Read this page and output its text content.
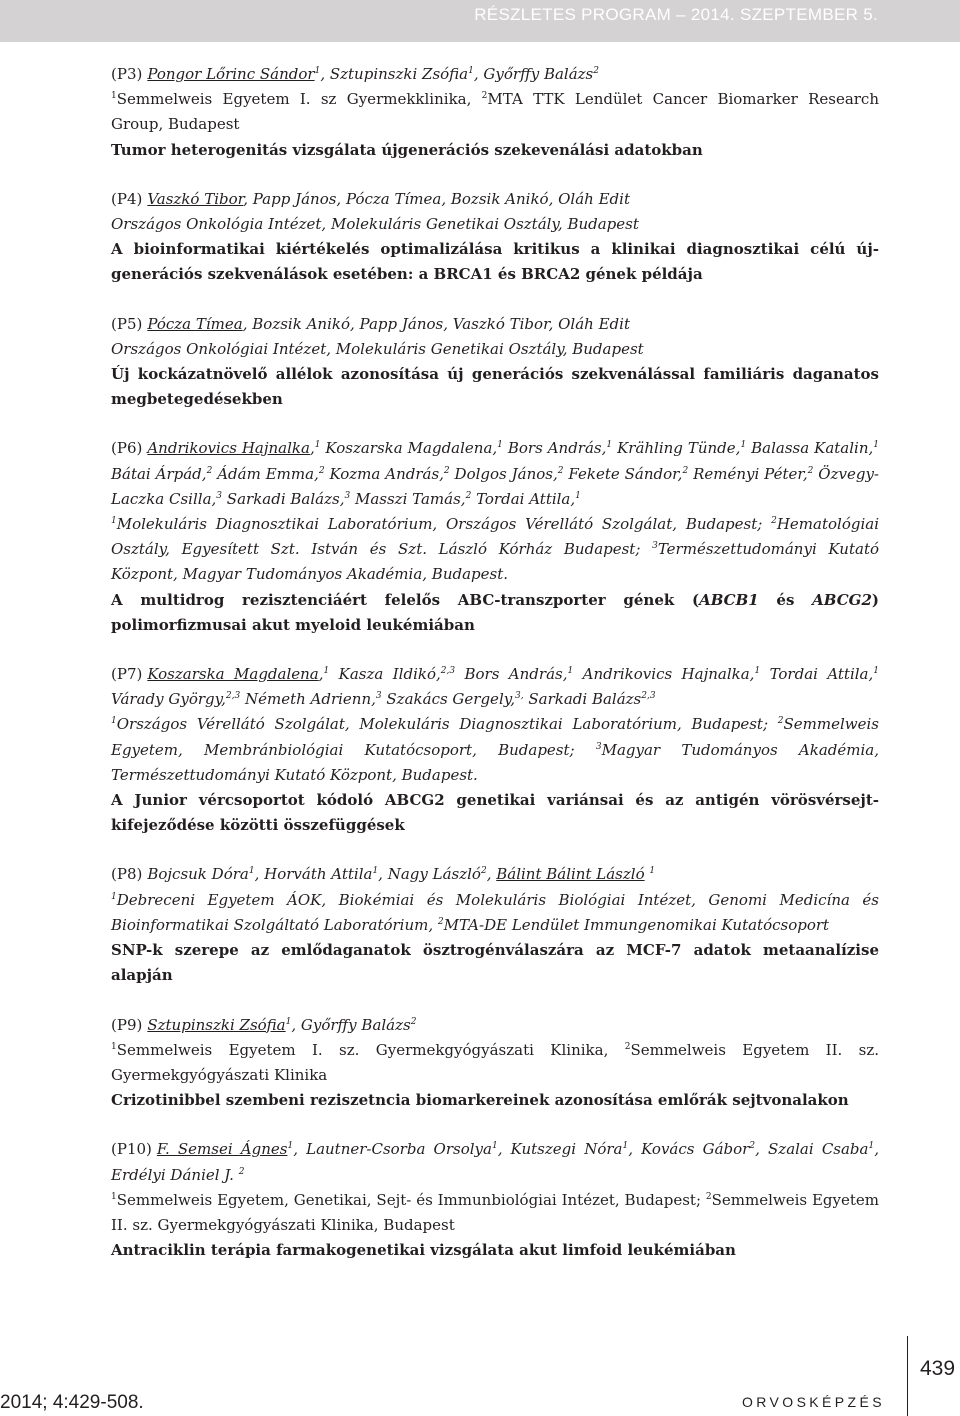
RÉSZLETES PROGRAM – 2014. SZEPTEMBER 5.

(P3) Pongor Lőrinc Sándor$^1$, Sztupinszki Zsófia$^1$, Győrffy Balázs$^2$

$^1$Semmelweis Egyetem I. sz Gyermekklinika, $^2$MTA TTK Lendület Cancer Biomarker Research Group, Budapest

Tumor heterogenitás vizsgálata újgenerációs szekevenálási adatokban

(P4) Vaszkó Tibor, Papp János, Pócza Tímea, Bozsik Anikó, Oláh Edit

Országos Onkológia Intézet, Molekuláris Genetikai Osztály, Budapest

A bioinformatikai kiértékelés optimalizálása kritikus a klinikai diagnosztikai célú új-generációs szekvenálások esetében: a BRCA1 és BRCA2 gének példája

(P5) Pócza Tímea, Bozsik Anikó, Papp János, Vaszkó Tibor, Oláh Edit

Országos Onkológiai Intézet, Molekuláris Genetikai Osztály, Budapest

Új kockázatnövelő allélok azonosítása új generációs szekvenálással familiáris daganatos megbetegedésekben

(P6) Andrikovics Hajnalka,$^1$ Koszarska Magdalena,$^1$ Bors András,$^1$ Krähling Tünde,$^1$ Balassa Katalin,$^1$ Bátai Árpád,$^2$ Ádám Emma,$^2$ Kozma András,$^2$ Dolgos János,$^2$ Fekete Sándor,$^2$ Reményi Péter,$^2$ Özvegy-Laczka Csilla,$^3$ Sarkadi Balázs,$^3$ Masszi Tamás,$^2$ Tordai Attila,$^1$

$^1$Molekuláris Diagnosztikai Laboratórium, Országos Vérellátó Szolgálat, Budapest; $^2$Hematológiai Osztály, Egyesített Szt. István és Szt. László Kórház Budapest; $^3$Természettudományi Kutató Központ, Magyar Tudományos Akadémia, Budapest.

A multidrog rezisztenciáért felelős ABC-transzporter gének (ABCB1 és ABCG2) polimorfizmusai akut myeloid leukémiában

(P7) Koszarska Magdalena,$^1$ Kasza Ildikó,$^{2,3}$ Bors András,$^1$ Andrikovics Hajnalka,$^1$ Tordai Attila,$^1$ Várady György,$^{2,3}$ Németh Adrienn,$^3$ Szakács Gergely,$^{3,}$ Sarkadi Balázs$^{2,3}$

$^1$Országos Vérellátó Szolgálat, Molekuláris Diagnosztikai Laboratórium, Budapest; $^2$Semmelweis Egyetem, Membránbiológiai Kutatócsoport, Budapest; $^3$Magyar Tudományos Akadémia, Természettudományi Kutató Központ, Budapest.

A Junior vércsoportot kódoló ABCG2 genetikai variánsai és az antigén vörösvérsejt-kifejeződése közötti összefüggések

(P8) Bojcsuk Dóra$^1$, Horváth Attila$^1$, Nagy László$^2$, Bálint Bálint László $^1$

$^1$Debreceni Egyetem ÁOK, Biokémiai és Molekuláris Biológiai Intézet, Genomi Medicína és Bioinformatikai Szolgáltató Laboratórium, $^2$MTA-DE Lendület Immungenomikai Kutatócsoport

SNP-k szerepe az emlődaganatok ösztrogénválaszára az MCF-7 adatok metaanalízise alapján

(P9) Sztupinszki Zsófia$^1$, Győrffy Balázs$^2$

$^1$Semmelweis Egyetem I. sz. Gyermekgyógyászati Klinika, $^2$Semmelweis Egyetem II. sz. Gyermekgyógyászati Klinika

Crizotinibbel szembeni reziszetncia biomarkereinek azonosítása emlőrák sejtvonalakon

(P10) F. Semsei Ágnes$^1$, Lautner-Csorba Orsolya$^1$, Kutszegi Nóra$^1$, Kovács Gábor$^2$, Szalai Csaba$^1$, Erdélyi Dániel J. $^2$

$^1$Semmelweis Egyetem, Genetikai, Sejt- és Immunbiológiai Intézet, Budapest; $^2$Semmelweis Egyetem II. sz. Gyermekgyógyászati Klinika, Budapest

Antraciklin terápia farmakogenetikai vizsgálata akut limfoid leukémiában

2014; 4:429-508.
439
ORVOSKÉPZÉS
